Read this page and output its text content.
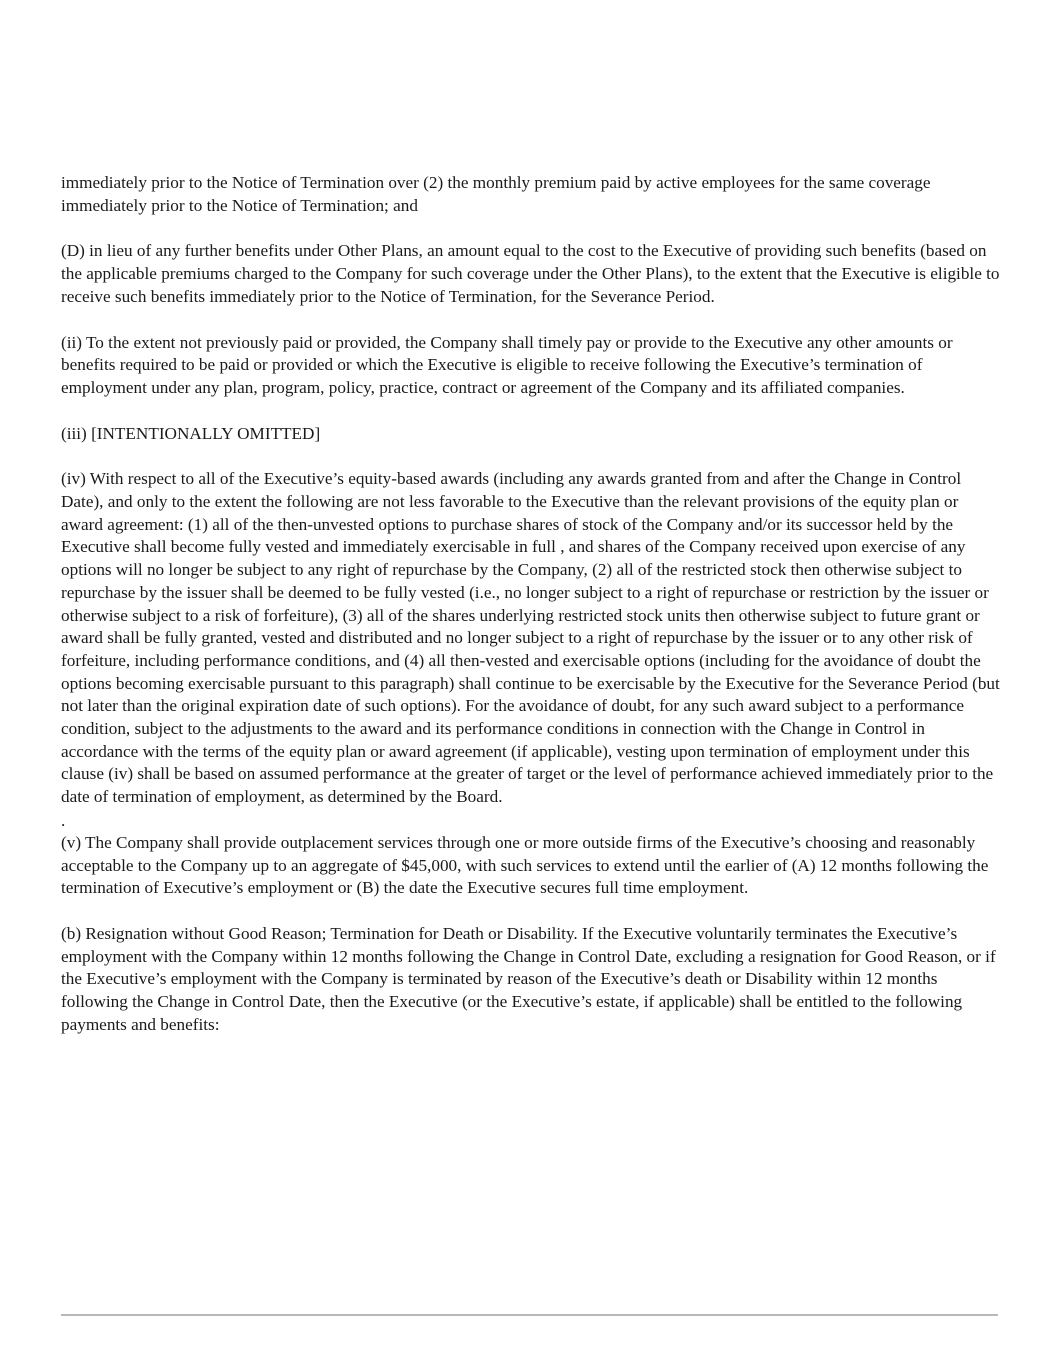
immediately prior to the Notice of Termination over (2) the monthly premium paid by active employees for the same coverage immediately prior to the Notice of Termination; and

(D) in lieu of any further benefits under Other Plans, an amount equal to the cost to the Executive of providing such benefits (based on the applicable premiums charged to the Company for such coverage under the Other Plans), to the extent that the Executive is eligible to receive such benefits immediately prior to the Notice of Termination, for the Severance Period.

(ii) To the extent not previously paid or provided, the Company shall timely pay or provide to the Executive any other amounts or benefits required to be paid or provided or which the Executive is eligible to receive following the Executive’s termination of employment under any plan, program, policy, practice, contract or agreement of the Company and its affiliated companies.

(iii) [INTENTIONALLY OMITTED]

(iv) With respect to all of the Executive’s equity-based awards (including any awards granted from and after the Change in Control Date), and only to the extent the following are not less favorable to the Executive than the relevant provisions of the equity plan or award agreement: (1) all of the then-unvested options to purchase shares of stock of the Company and/or its successor held by the Executive shall become fully vested and immediately exercisable in full , and shares of the Company received upon exercise of any options will no longer be subject to any right of repurchase by the Company, (2) all of the restricted stock then otherwise subject to repurchase by the issuer shall be deemed to be fully vested (i.e., no longer subject to a right of repurchase or restriction by the issuer or otherwise subject to a risk of forfeiture), (3) all of the shares underlying restricted stock units then otherwise subject to future grant or award shall be fully granted, vested and distributed and no longer subject to a right of repurchase by the issuer or to any other risk of forfeiture, including performance conditions, and (4) all then-vested and exercisable options (including for the avoidance of doubt the options becoming exercisable pursuant to this paragraph) shall continue to be exercisable by the Executive for the Severance Period (but not later than the original expiration date of such options). For the avoidance of doubt, for any such award subject to a performance condition, subject to the adjustments to the award and its performance conditions in connection with the Change in Control in accordance with the terms of the equity plan or award agreement (if applicable), vesting upon termination of employment under this clause (iv) shall be based on assumed performance at the greater of target or the level of performance achieved immediately prior to the date of termination of employment, as determined by the Board.

.

(v) The Company shall provide outplacement services through one or more outside firms of the Executive’s choosing and reasonably acceptable to the Company up to an aggregate of $45,000, with such services to extend until the earlier of (A) 12 months following the termination of Executive’s employment or (B) the date the Executive secures full time employment.

(b) Resignation without Good Reason; Termination for Death or Disability. If the Executive voluntarily terminates the Executive’s employment with the Company within 12 months following the Change in Control Date, excluding a resignation for Good Reason, or if the Executive’s employment with the Company is terminated by reason of the Executive’s death or Disability within 12 months following the Change in Control Date, then the Executive (or the Executive’s estate, if applicable) shall be entitled to the following payments and benefits:
